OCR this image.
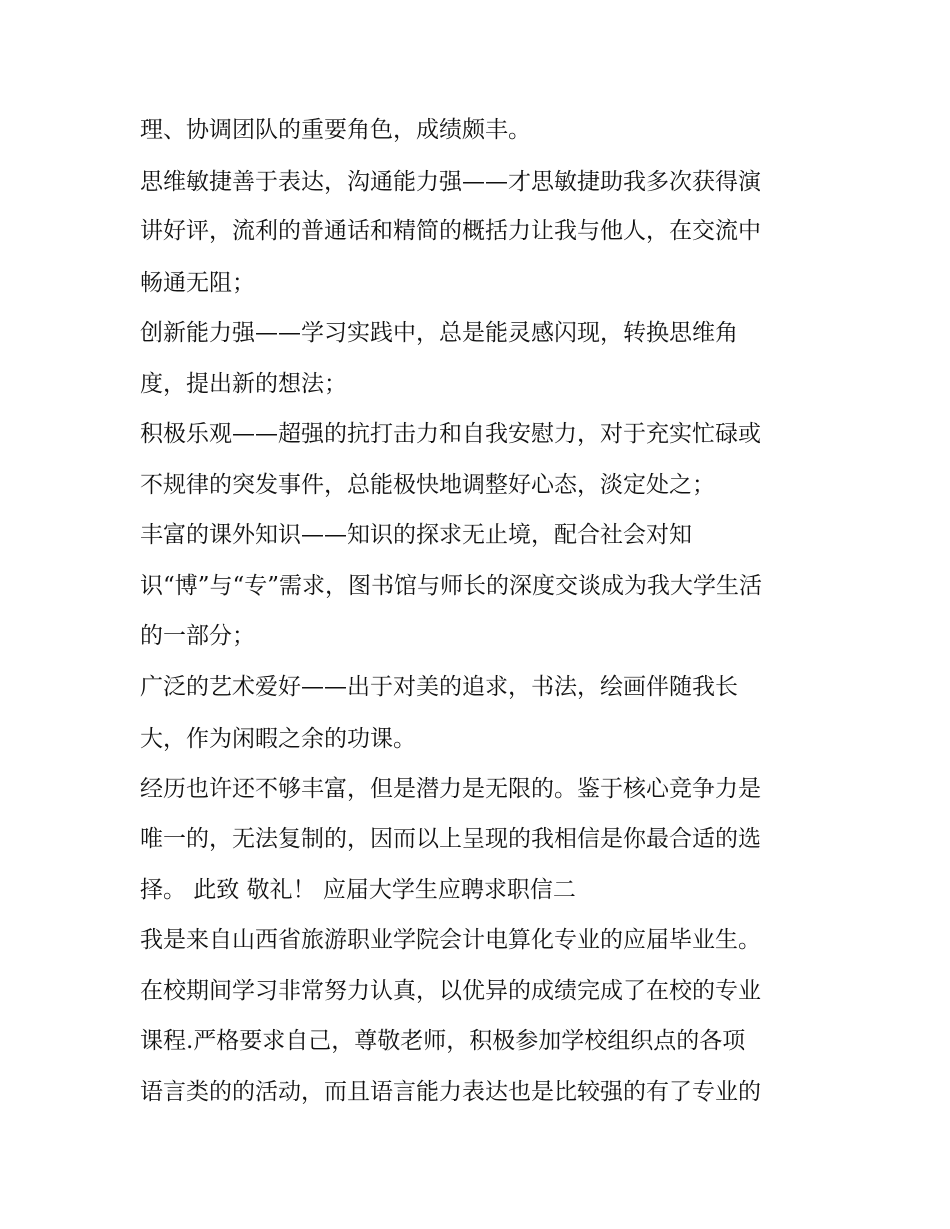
理、协调团队的重要角色，成绩颇丰。

思维敏捷善于表达，沟通能力强——才思敏捷助我多次获得演

讲好评，流利的普通话和精简的概括力让我与他人，在交流中

畅通无阻；

创新能力强——学习实践中，总是能灵感闪现，转换思维角

度，提出新的想法；

积极乐观——超强的抗打击力和自我安慰力，对于充实忙碌或

不规律的突发事件，总能极快地调整好心态，淡定处之；

丰富的课外知识——知识的探求无止境，配合社会对知

识“博”与“专”需求，图书馆与师长的深度交谈成为我大学生活

的一部分；

广泛的艺术爱好——出于对美的追求，书法，绘画伴随我长

大，作为闲暇之余的功课。

经历也许还不够丰富，但是潜力是无限的。鉴于核心竞争力是

唯一的，无法复制的，因而以上呈现的我相信是你最合适的选

择。 此致 敬礼！ 应届大学生应聘求职信二

我是来自山西省旅游职业学院会计电算化专业的应届毕业生。

在校期间学习非常努力认真，以优异的成绩完成了在校的专业

课程.严格要求自己，尊敬老师，积极参加学校组织点的各项

语言类的的活动，而且语言能力表达也是比较强的有了专业的
